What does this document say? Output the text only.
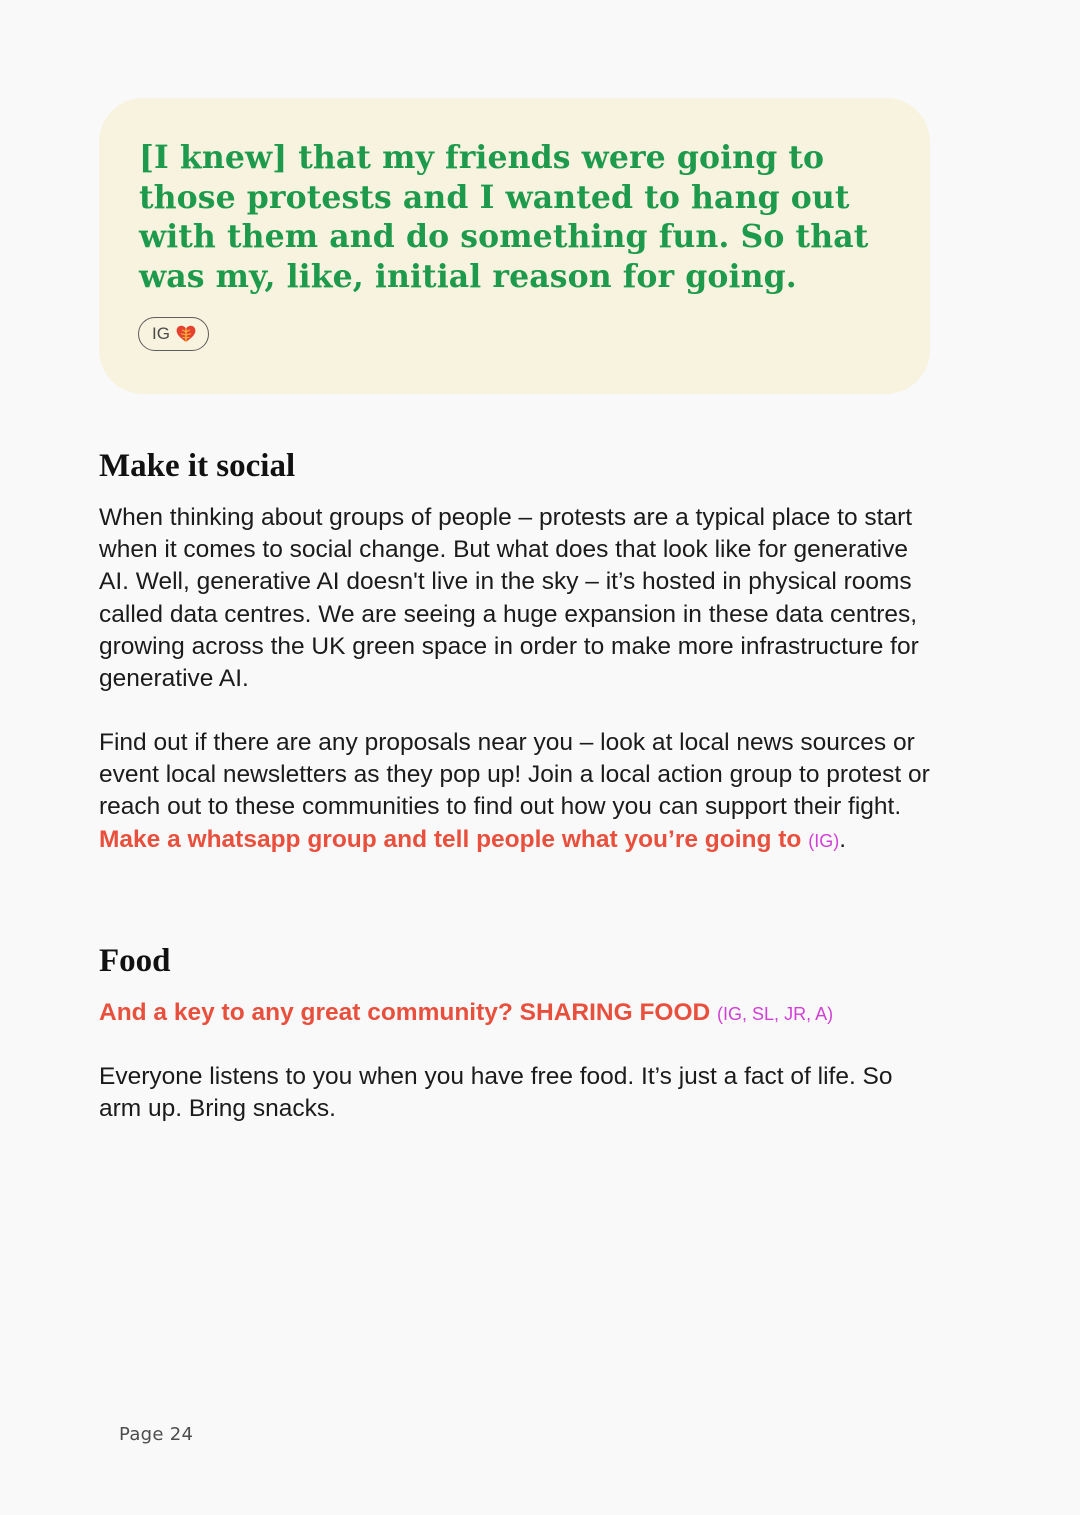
[I knew] that my friends were going to those protests and I wanted to hang out with them and do something fun. So that was my, like, initial reason for going.

IG
Make it social

When thinking about groups of people – protests are a typical place to start when it comes to social change. But what does that look like for generative AI. Well, generative AI doesn't live in the sky – it’s hosted in physical rooms called data centres. We are seeing a huge expansion in these data centres, growing across the UK green space in order to make more infrastructure for generative AI.

Find out if there are any proposals near you – look at local news sources or event local newsletters as they pop up! Join a local action group to protest or reach out to these communities to find out how you can support their fight. Make a whatsapp group and tell people what you’re going to (IG).

Food

And a key to any great community? SHARING FOOD (IG, SL, JR, A)

Everyone listens to you when you have free food. It’s just a fact of life. So arm up. Bring snacks.

Page 24
